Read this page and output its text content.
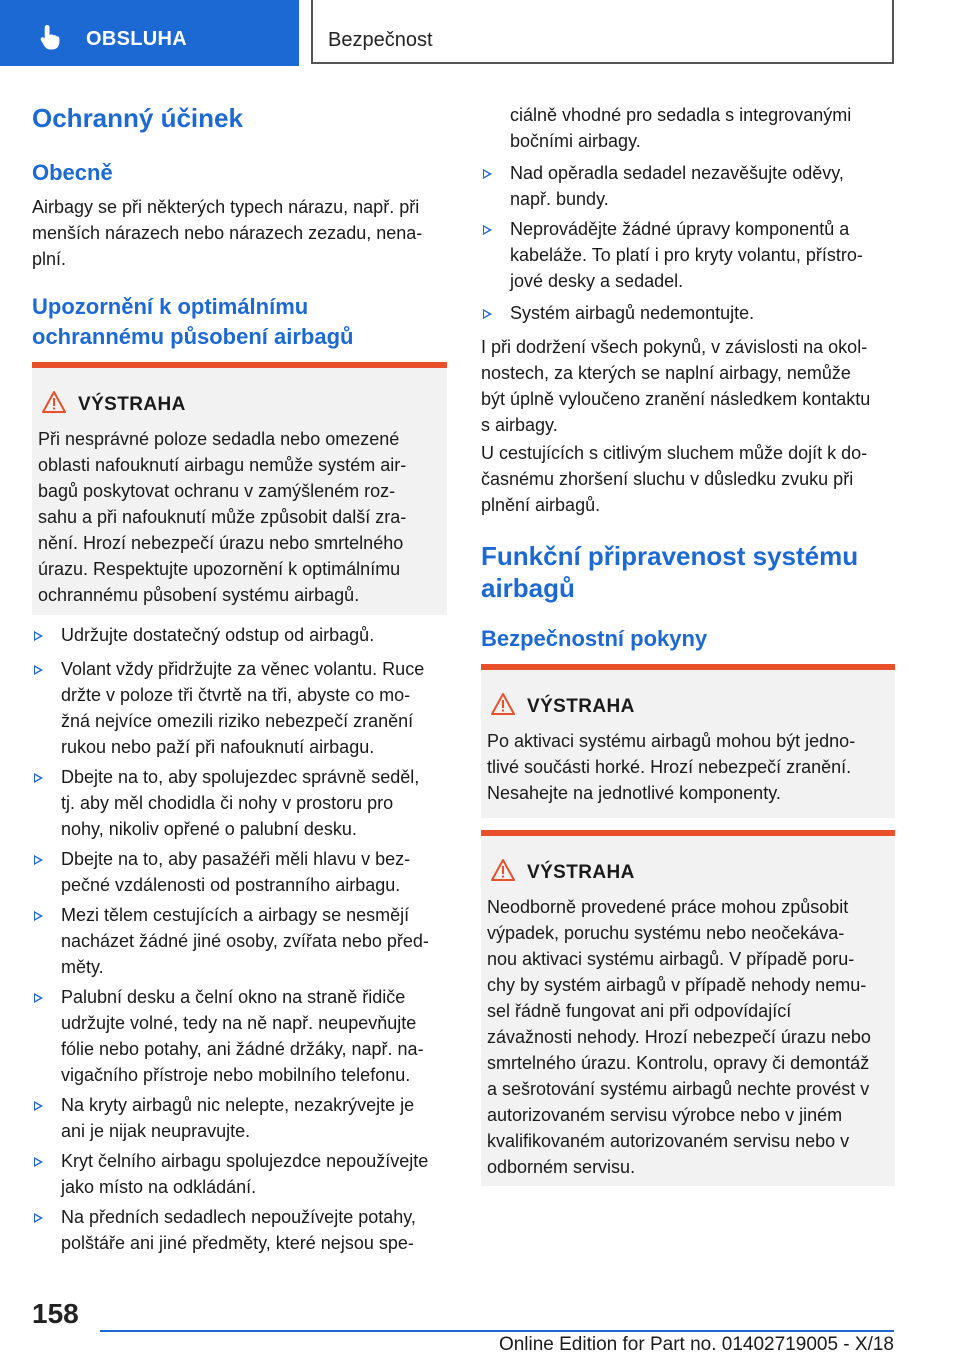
OBSLUHA	Bezpečnost
Ochranný účinek
Obecně
Airbagy se při některých typech nárazu, např. při
menších nárazech nebo nárazech zezadu, nena-
plní.
Upozornění k optimálnímu
ochrannému působení airbagů
VÝSTRAHA
Při nesprávné poloze sedadla nebo omezené
oblasti nafouknutí airbagu nemůže systém air-
bagů poskytovat ochranu v zamýšleném roz-
sahu a při nafouknutí může způsobit další zra-
nění. Hrozí nebezpečí úrazu nebo smrtelného
úrazu. Respektujte upozornění k optimálnímu
ochrannému působení systému airbagů.
Udržujte dostatečný odstup od airbagů.
Volant vždy přidržujte za věnec volantu. Ruce
držte v poloze tři čtvrtě na tři, abyste co mo-
žná nejvíce omezili riziko nebezpečí zranění
rukou nebo paží při nafouknutí airbagu.
Dbejte na to, aby spolujezdec správně seděl,
tj. aby měl chodidla či nohy v prostoru pro
nohy, nikoliv opřené o palubní desku.
Dbejte na to, aby pasažéři měli hlavu v bez-
pečné vzdálenosti od postranního airbagu.
Mezi tělem cestujících a airbagy se nesmějí
nacházet žádné jiné osoby, zvířata nebo před-
měty.
Palubní desku a čelní okno na straně řidiče
udržujte volné, tedy na ně např. neupevňujte
fólie nebo potahy, ani žádné držáky, např. na-
vigačního přístroje nebo mobilního telefonu.
Na kryty airbagů nic nelepte, nezakrývejte je
ani je nijak neupravujte.
Kryt čelního airbagu spolujezdce nepoužívejte
jako místo na odkládání.
Na předních sedadlech nepoužívejte potahy,
polštáře ani jiné předměty, které nejsou spe-
ciálně vhodné pro sedadla s integrovanými
bočními airbagy.
Nad opěradla sedadel nezavěšujte oděvy,
např. bundy.
Neprovádějte žádné úpravy komponentů a
kabeláže. To platí i pro kryty volantu, přístro-
jové desky a sedadel.
Systém airbagů nedemontujte.
I při dodržení všech pokynů, v závislosti na okol-
nostech, za kterých se naplní airbagy, nemůže
být úplně vyloučeno zranění následkem kontaktu
s airbagy.
U cestujících s citlivým sluchem může dojít k do-
časnému zhoršení sluchu v důsledku zvuku při
plnění airbagů.
Funkční připravenost systému
airbagů
Bezpečnostní pokyny
VÝSTRAHA
Po aktivaci systému airbagů mohou být jedno-
tlivé součásti horké. Hrozí nebezpečí zranění.
Nesahejte na jednotlivé komponenty.
VÝSTRAHA
Neodborně provedené práce mohou způsobit
výpadek, poruchu systému nebo neočekáva-
nou aktivaci systému airbagů. V případě poru-
chy by systém airbagů v případě nehody nemu-
sel řádně fungovat ani při odpovídající
závažnosti nehody. Hrozí nebezpečí úrazu nebo
smrtelného úrazu. Kontrolu, opravy či demontáž
a sešrotování systému airbagů nechte provést v
autorizovaném servisu výrobce nebo v jiném
kvalifikovaném autorizovaném servisu nebo v
odborném servisu.
158
Online Edition for Part no. 01402719005 - X/18
